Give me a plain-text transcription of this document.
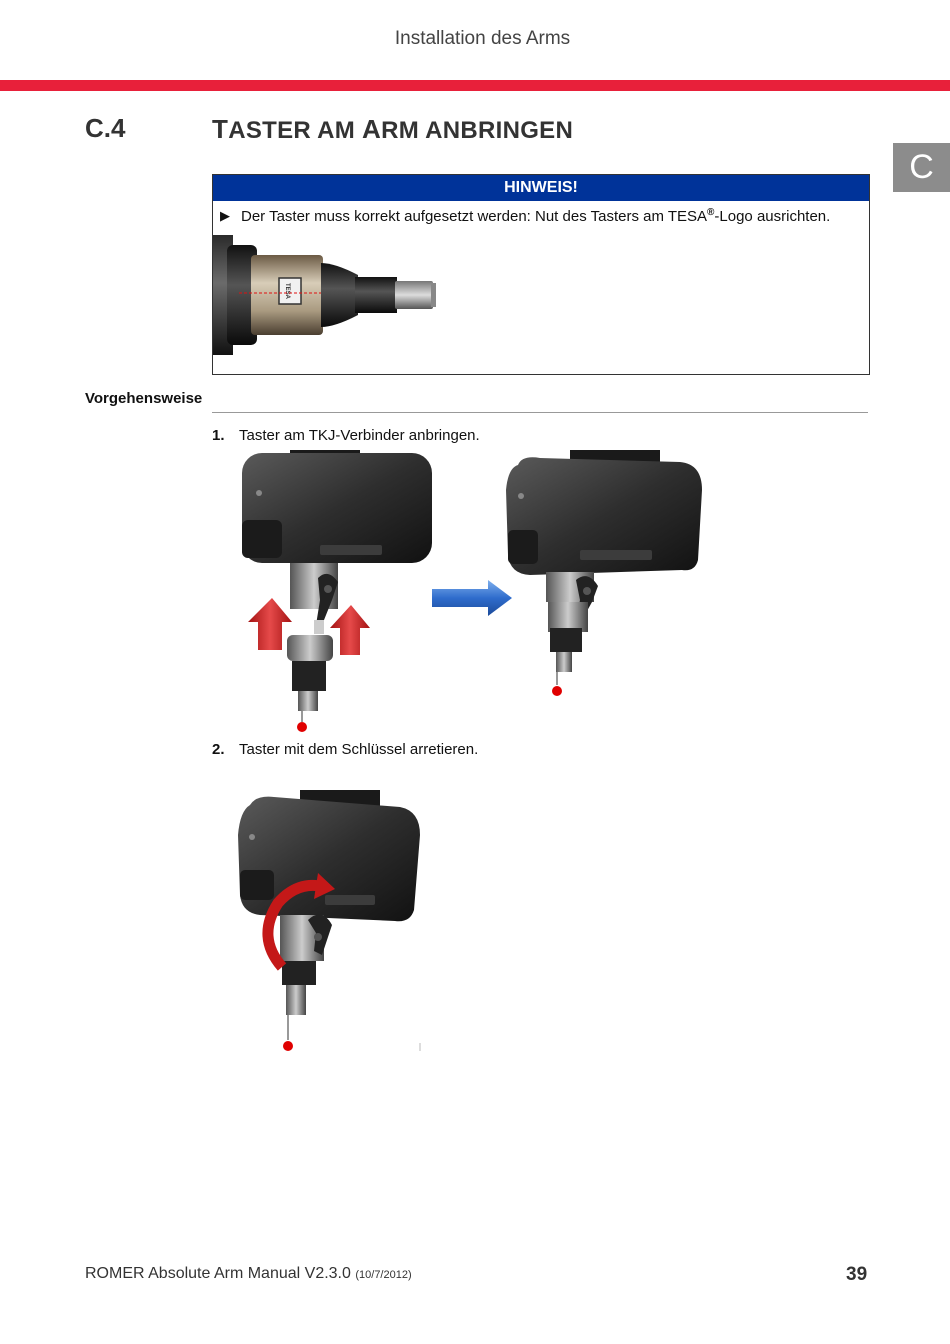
Installation des Arms
C.4	TASTER AM ARM ANBRINGEN
C
HINWEIS!
▶ Der Taster muss korrekt aufgesetzt werden: Nut des Tasters am TESA®-Logo ausrichten.
TESA
Vorgehensweise
1. Taster am TKJ-Verbinder anbringen.
2. Taster mit dem Schlüssel arretieren.
ROMER Absolute Arm Manual V2.3.0 (10/7/2012)	39
